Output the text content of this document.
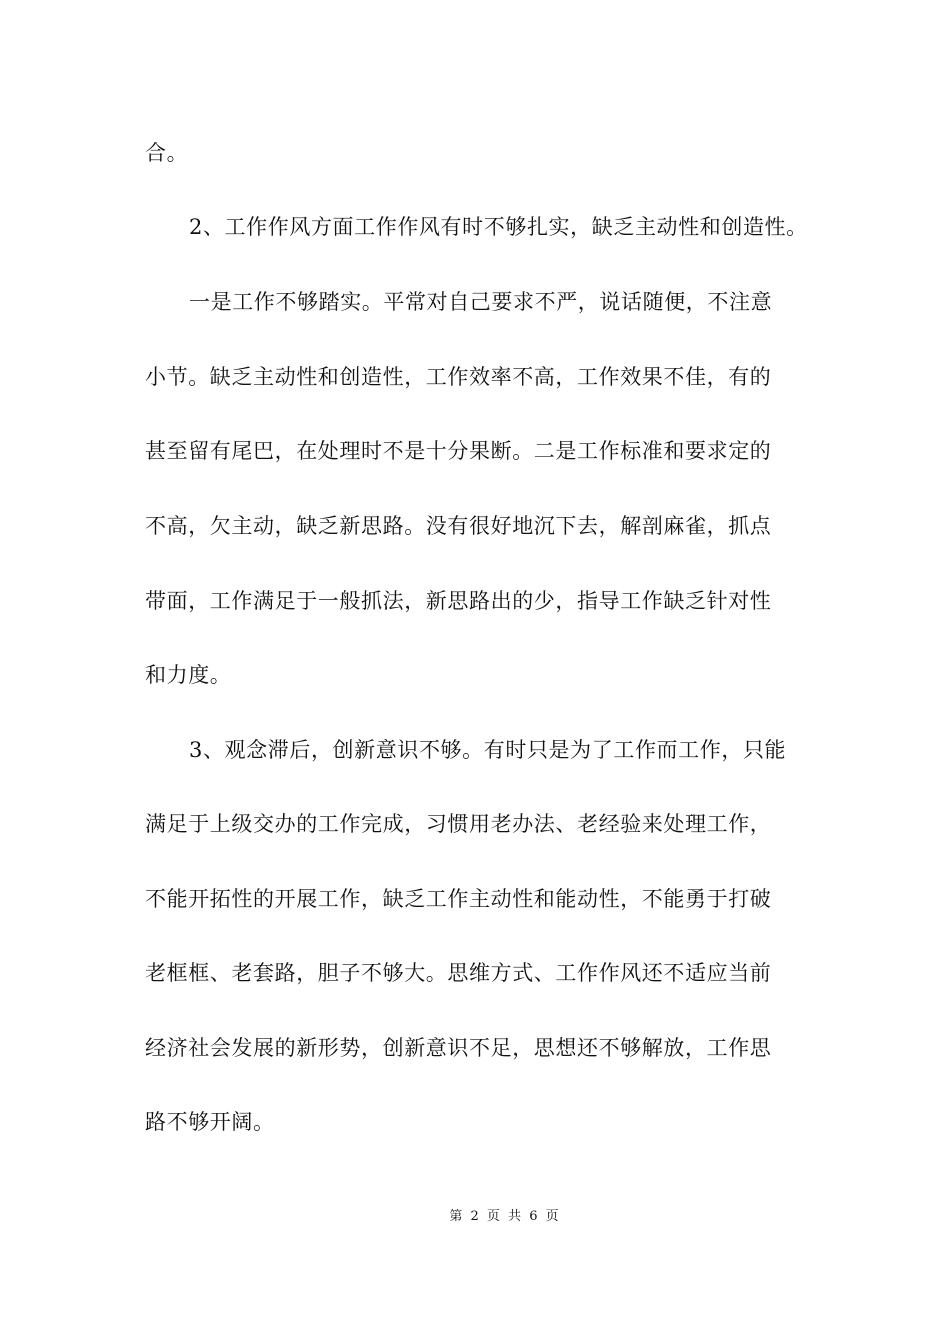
合。
2、工作作风方面工作作风有时不够扎实，缺乏主动性和创造性。
一是工作不够踏实。平常对自己要求不严，说话随便，不注意
小节。缺乏主动性和创造性，工作效率不高，工作效果不佳，有的
甚至留有尾巴，在处理时不是十分果断。二是工作标准和要求定的
不高，欠主动，缺乏新思路。没有很好地沉下去，解剖麻雀，抓点
带面，工作满足于一般抓法，新思路出的少，指导工作缺乏针对性
和力度。
3、观念滞后，创新意识不够。有时只是为了工作而工作，只能
满足于上级交办的工作完成，习惯用老办法、老经验来处理工作，
不能开拓性的开展工作，缺乏工作主动性和能动性，不能勇于打破
老框框、老套路，胆子不够大。思维方式、工作作风还不适应当前
经济社会发展的新形势，创新意识不足，思想还不够解放，工作思
路不够开阔。
第 2 页 共 6 页
